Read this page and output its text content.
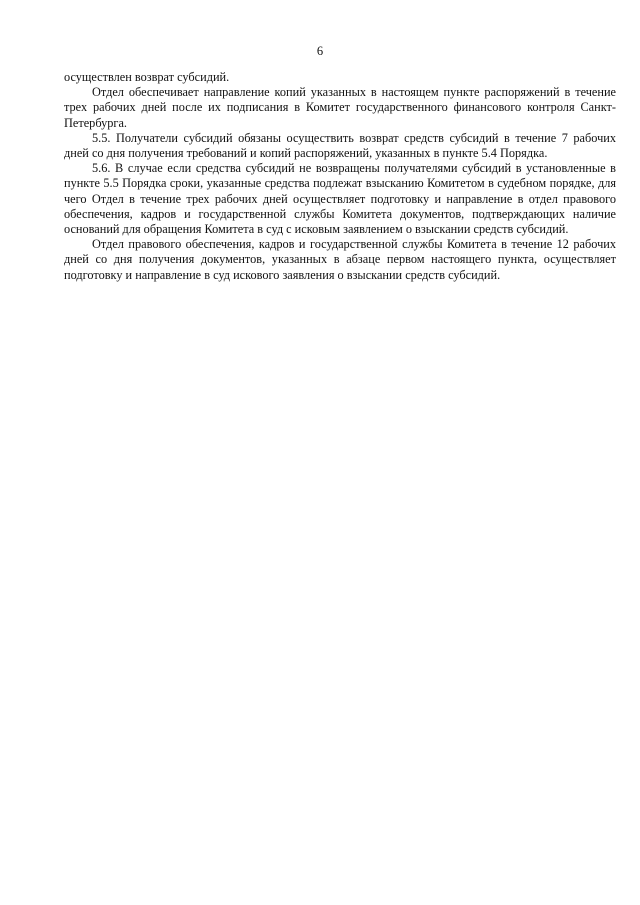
6

осуществлен возврат субсидий.

Отдел обеспечивает направление копий указанных в настоящем пункте распоряжений в течение трех рабочих дней после их подписания в Комитет государственного финансового контроля Санкт-Петербурга.

5.5. Получатели субсидий обязаны осуществить возврат средств субсидий в течение 7 рабочих дней со дня получения требований и копий распоряжений, указанных в пункте 5.4 Порядка.

5.6. В случае если средства субсидий не возвращены получателями субсидий в установленные в пункте 5.5 Порядка сроки, указанные средства подлежат взысканию Комитетом в судебном порядке, для чего Отдел в течение трех рабочих дней осуществляет подготовку и направление в отдел правового обеспечения, кадров и государственной службы Комитета документов, подтверждающих наличие оснований для обращения Комитета в суд с исковым заявлением о взыскании средств субсидий.

Отдел правового обеспечения, кадров и государственной службы Комитета в течение 12 рабочих дней со дня получения документов, указанных в абзаце первом настоящего пункта, осуществляет подготовку и направление в суд искового заявления о взыскании средств субсидий.
